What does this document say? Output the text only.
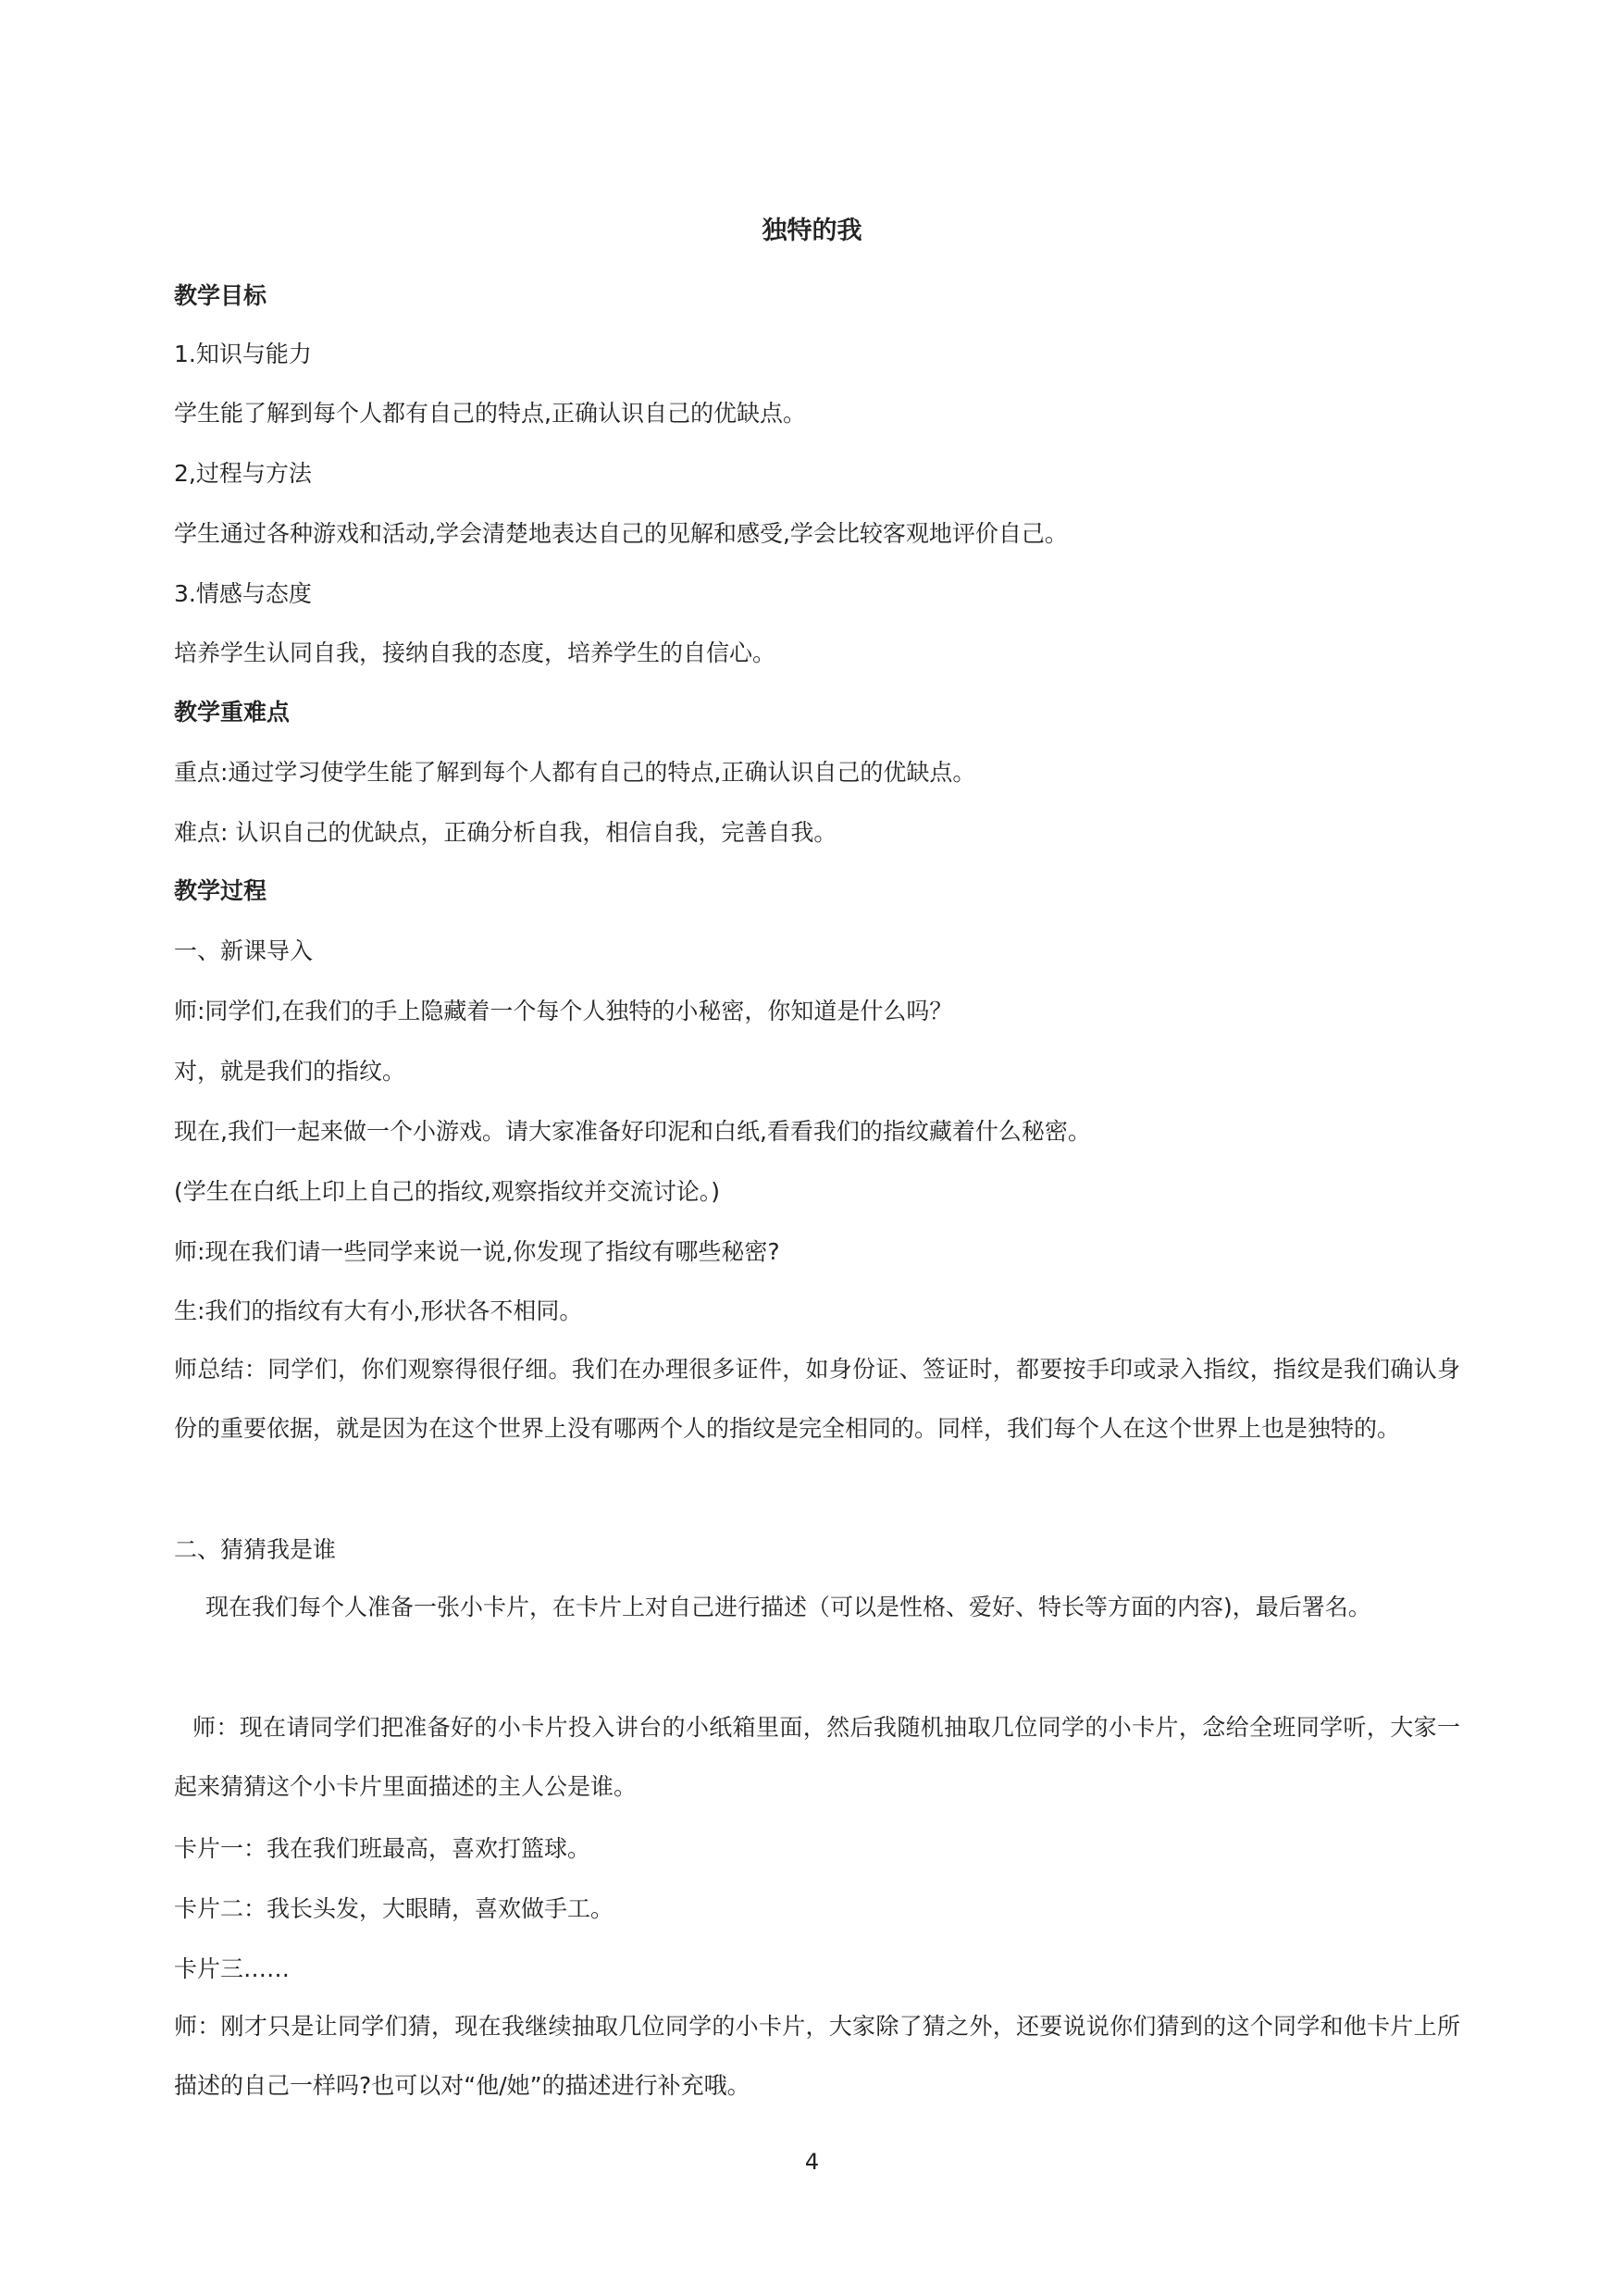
独特的我
教学目标
1.知识与能力
学生能了解到每个人都有自己的特点,正确认识自己的优缺点。
2,过程与方法
学生通过各种游戏和活动,学会清楚地表达自己的见解和感受,学会比较客观地评价自己。
3.情感与态度
培养学生认同自我，接纳自我的态度，培养学生的自信心。
教学重难点
重点:通过学习使学生能了解到每个人都有自己的特点,正确认识自己的优缺点。
难点: 认识自己的优缺点，正确分析自我，相信自我，完善自我。
教学过程
一、新课导入
师:同学们,在我们的手上隐藏着一个每个人独特的小秘密，你知道是什么吗？
对，就是我们的指纹。
现在,我们一起来做一个小游戏。请大家准备好印泥和白纸,看看我们的指纹藏着什么秘密。
(学生在白纸上印上自己的指纹,观察指纹并交流讨论。)
师:现在我们请一些同学来说一说,你发现了指纹有哪些秘密?
生:我们的指纹有大有小,形状各不相同。
师总结：同学们，你们观察得很仔细。我们在办理很多证件，如身份证、签证时，都要按手印或录入指纹，指纹是我们确认身份的重要依据，就是因为在这个世界上没有哪两个人的指纹是完全相同的。同样，我们每个人在这个世界上也是独特的。
二、猜猜我是谁
现在我们每个人准备一张小卡片，在卡片上对自己进行描述（可以是性格、爱好、特长等方面的内容)，最后署名。
师：现在请同学们把准备好的小卡片投入讲台的小纸箱里面，然后我随机抽取几位同学的小卡片，念给全班同学听，大家一起来猜猜这个小卡片里面描述的主人公是谁。
卡片一：我在我们班最高，喜欢打篮球。
卡片二：我长头发，大眼睛，喜欢做手工。
卡片三……
师：刚才只是让同学们猜，现在我继续抽取几位同学的小卡片，大家除了猜之外，还要说说你们猜到的这个同学和他卡片上所描述的自己一样吗?也可以对“他/她”的描述进行补充哦。
4
